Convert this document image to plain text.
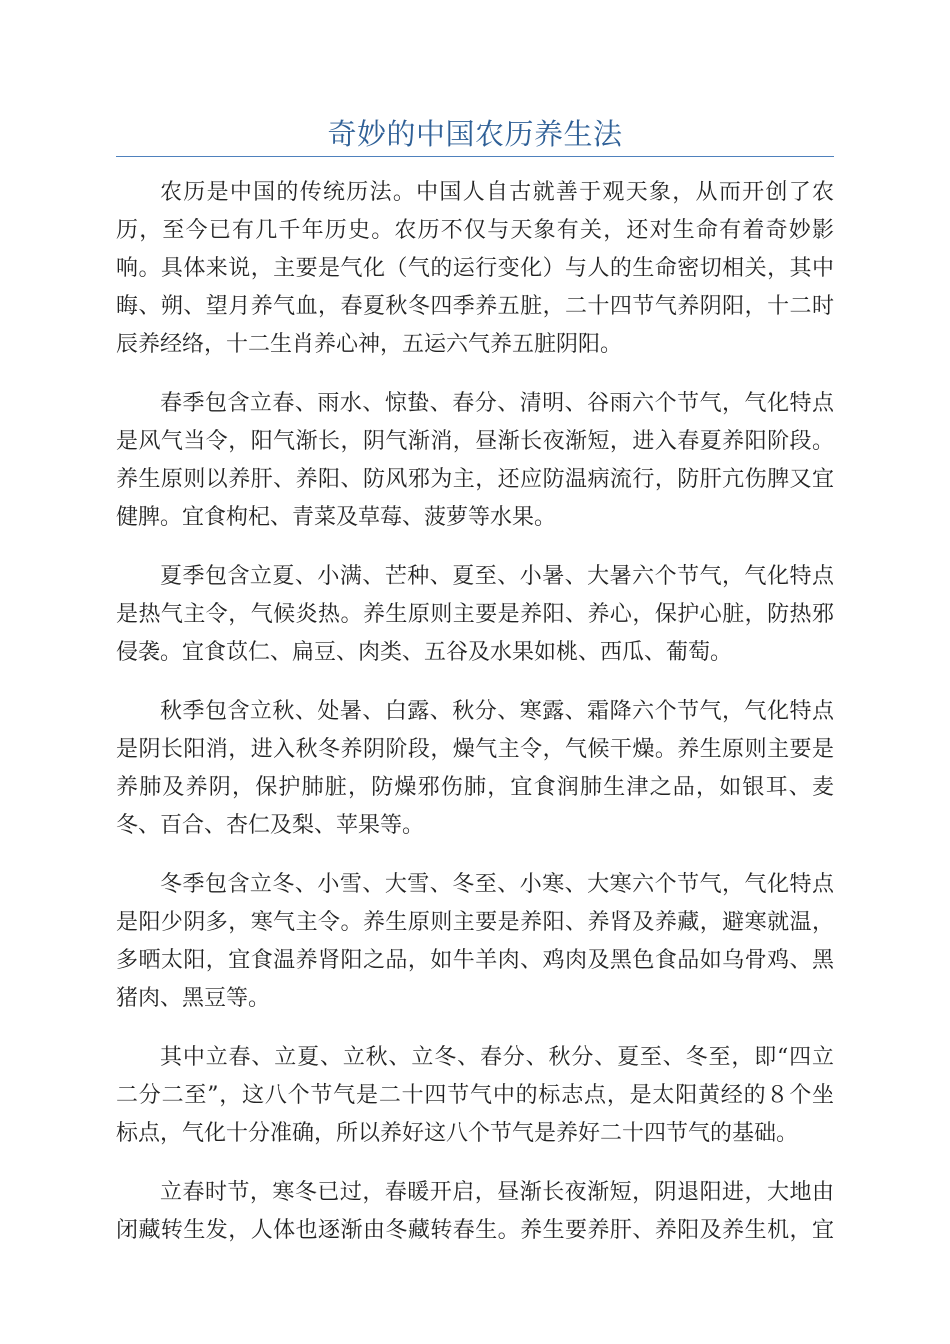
奇妙的中国农历养生法
农历是中国的传统历法。中国人自古就善于观天象，从而开创了农
历，至今已有几千年历史。农历不仅与天象有关，还对生命有着奇妙影
响。具体来说，主要是气化（气的运行变化）与人的生命密切相关，其中
晦、朔、望月养气血，春夏秋冬四季养五脏，二十四节气养阴阳，十二时
辰养经络，十二生肖养心神，五运六气养五脏阴阳。
春季包含立春、雨水、惊蛰、春分、清明、谷雨六个节气，气化特点
是风气当令，阳气渐长，阴气渐消，昼渐长夜渐短，进入春夏养阳阶段。
养生原则以养肝、养阳、防风邪为主，还应防温病流行，防肝亢伤脾又宜
健脾。宜食枸杞、青菜及草莓、菠萝等水果。
夏季包含立夏、小满、芒种、夏至、小暑、大暑六个节气，气化特点
是热气主令，气候炎热。养生原则主要是养阳、养心，保护心脏，防热邪
侵袭。宜食苡仁、扁豆、肉类、五谷及水果如桃、西瓜、葡萄。
秋季包含立秋、处暑、白露、秋分、寒露、霜降六个节气，气化特点
是阴长阳消，进入秋冬养阴阶段，燥气主令，气候干燥。养生原则主要是
养肺及养阴，保护肺脏，防燥邪伤肺，宜食润肺生津之品，如银耳、麦
冬、百合、杏仁及梨、苹果等。
冬季包含立冬、小雪、大雪、冬至、小寒、大寒六个节气，气化特点
是阳少阴多，寒气主令。养生原则主要是养阳、养肾及养藏，避寒就温，
多晒太阳，宜食温养肾阳之品，如牛羊肉、鸡肉及黑色食品如乌骨鸡、黑
猪肉、黑豆等。
其中立春、立夏、立秋、立冬、春分、秋分、夏至、冬至，即“四立
二分二至”，这八个节气是二十四节气中的标志点，是太阳黄经的８个坐
标点，气化十分准确，所以养好这八个节气是养好二十四节气的基础。
立春时节，寒冬已过，春暖开启，昼渐长夜渐短，阴退阳进，大地由
闭藏转生发，人体也逐渐由冬藏转春生。养生要养肝、养阳及养生机，宜
